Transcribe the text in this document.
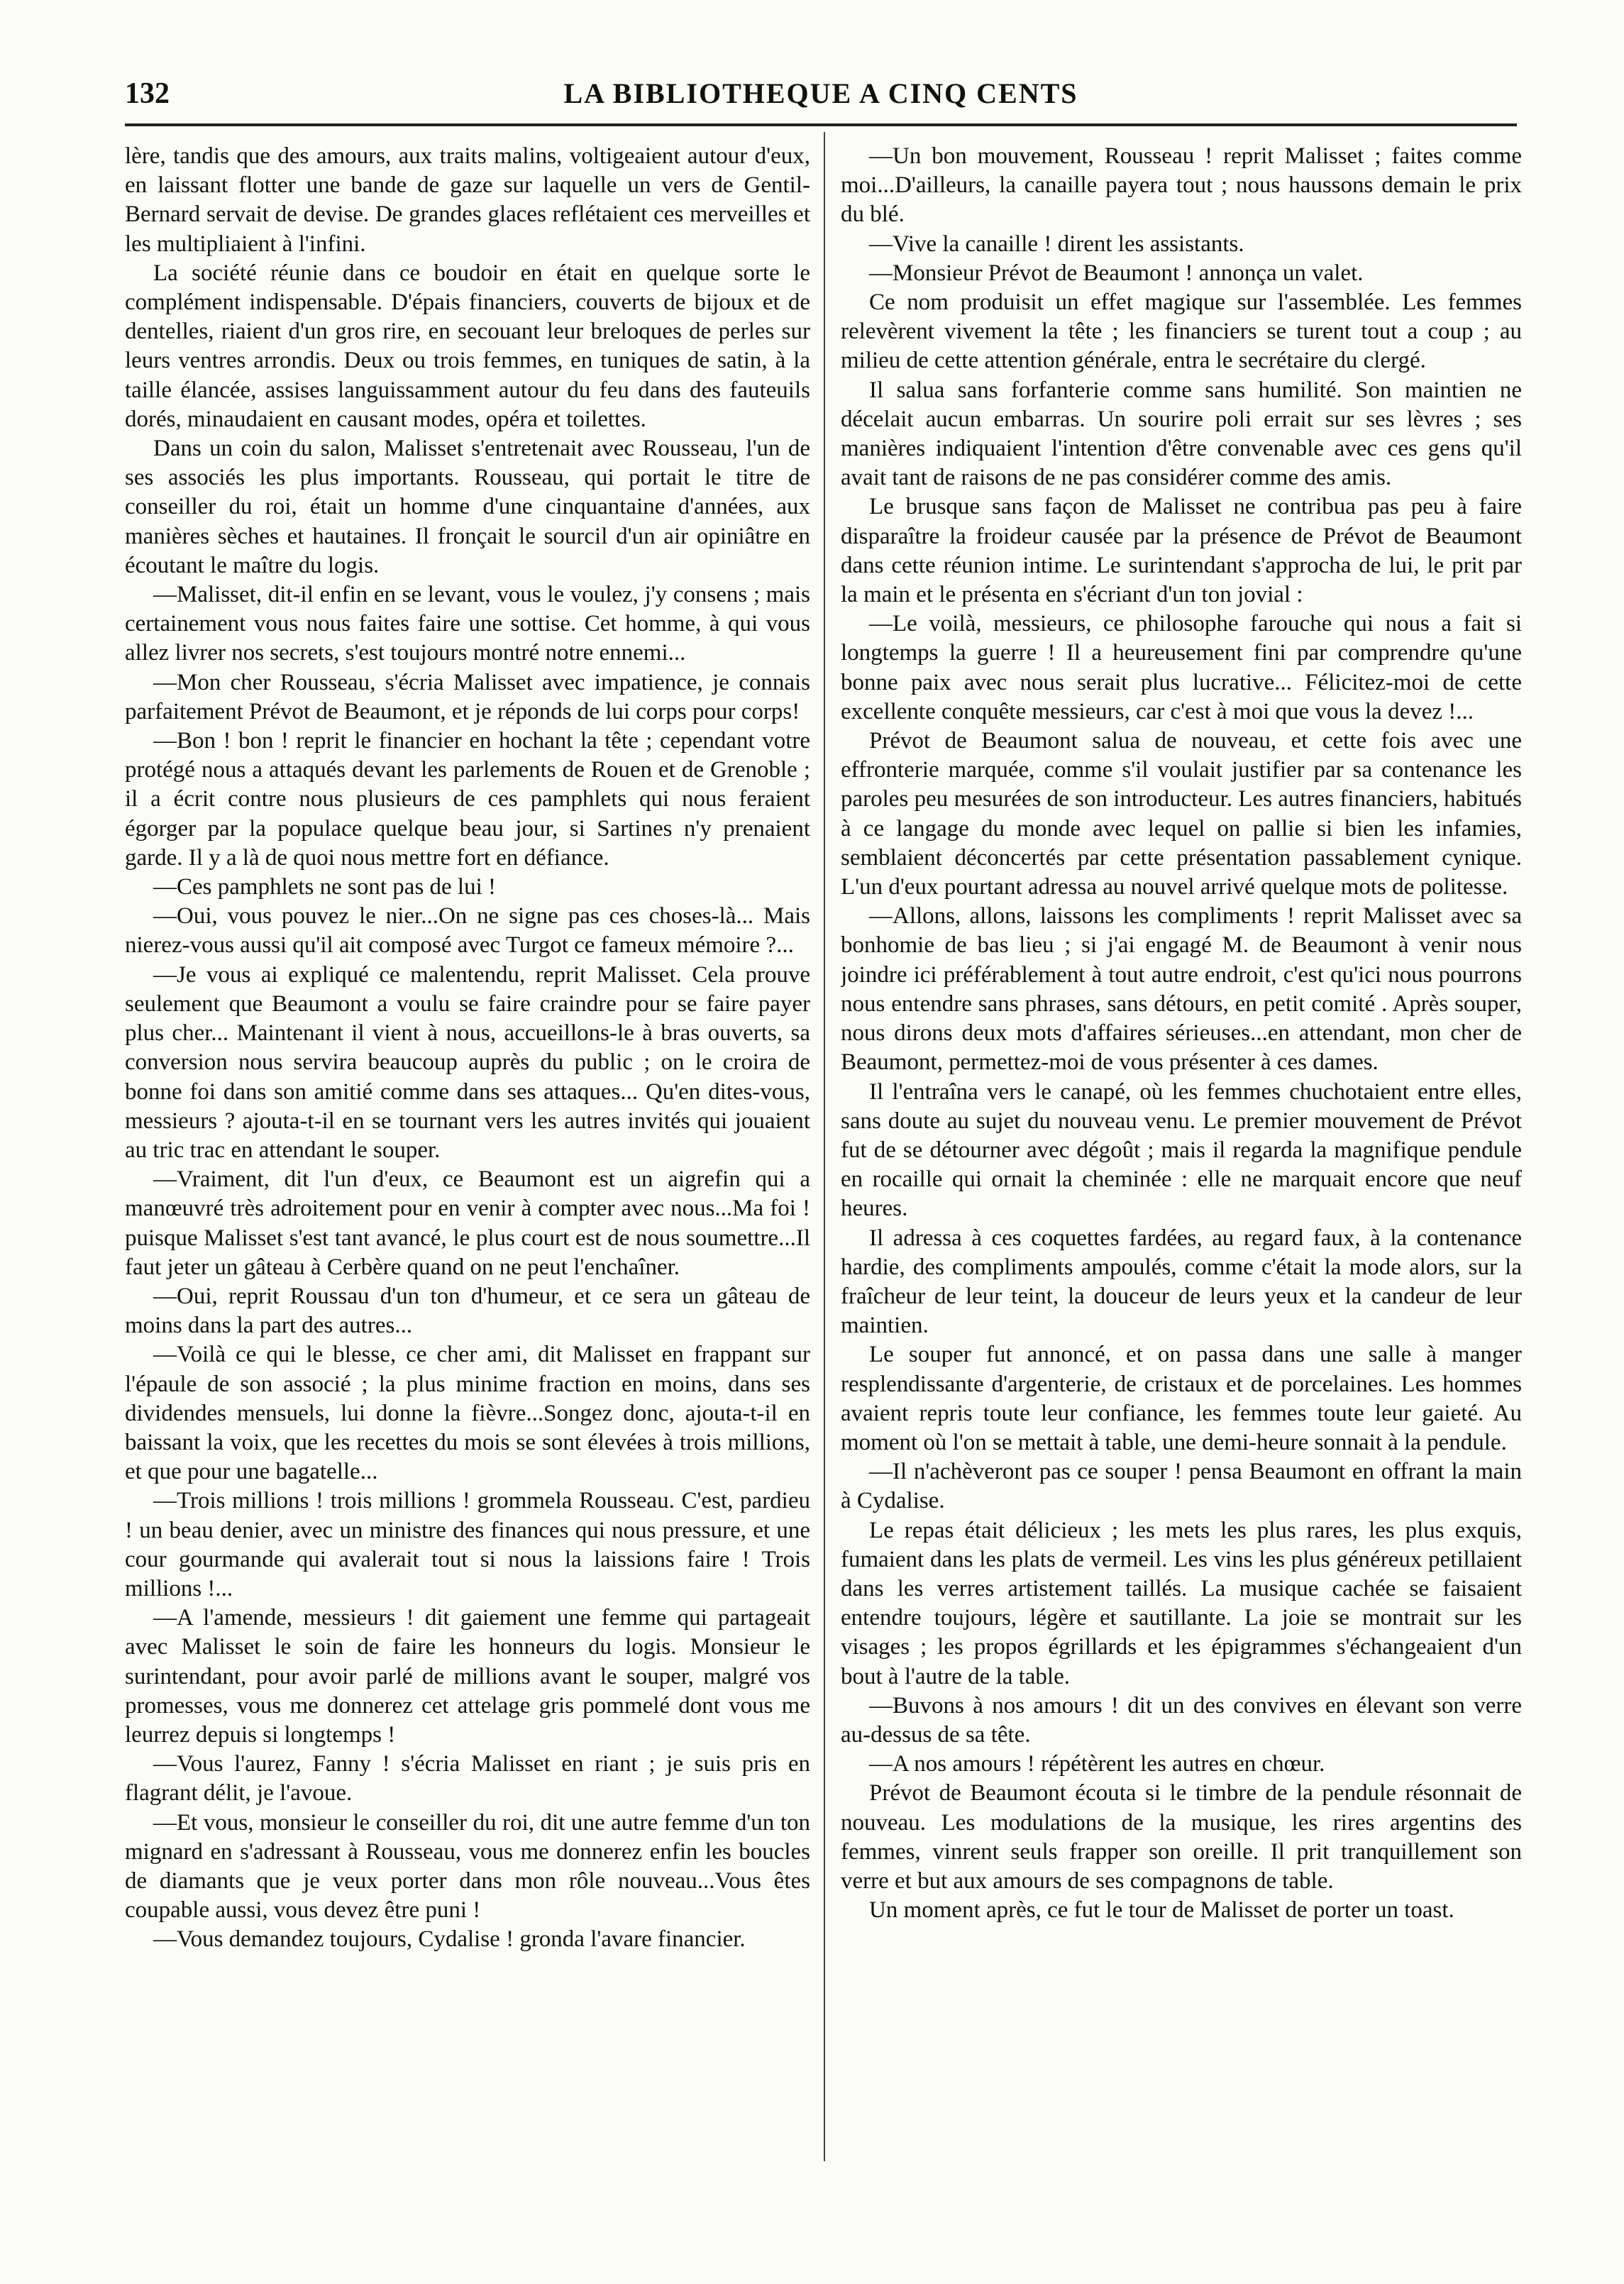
132	LA BIBLIOTHEQUE A CINQ CENTS

lère, tandis que des amours, aux traits malins, voltigeaient autour d'eux, en laissant flotter une bande de gaze sur laquelle un vers de Gentil-Bernard servait de devise. De grandes glaces reflétaient ces merveilles et les multipliaient à l'infini.

La société réunie dans ce boudoir en était en quelque sorte le complément indispensable. D'épais financiers, couverts de bijoux et de dentelles, riaient d'un gros rire, en secouant leur breloques de perles sur leurs ventres arrondis. Deux ou trois femmes, en tuniques de satin, à la taille élancée, assises languissamment autour du feu dans des fauteuils dorés, minaudaient en causant modes, opéra et toilettes.

Dans un coin du salon, Malisset s'entretenait avec Rousseau, l'un de ses associés les plus importants. Rousseau, qui portait le titre de conseiller du roi, était un homme d'une cinquantaine d'années, aux manières sèches et hautaines. Il fronçait le sourcil d'un air opiniâtre en écoutant le maître du logis.

—Malisset, dit-il enfin en se levant, vous le voulez, j'y consens ; mais certainement vous nous faites faire une sottise. Cet homme, à qui vous allez livrer nos secrets, s'est toujours montré notre ennemi...

—Mon cher Rousseau, s'écria Malisset avec impatience, je connais parfaitement Prévot de Beaumont, et je réponds de lui corps pour corps!

—Bon ! bon ! reprit le financier en hochant la tête ; cependant votre protégé nous a attaqués devant les parlements de Rouen et de Grenoble ; il a écrit contre nous plusieurs de ces pamphlets qui nous feraient égorger par la populace quelque beau jour, si Sartines n'y prenaient garde. Il y a là de quoi nous mettre fort en défiance.

—Ces pamphlets ne sont pas de lui !

—Oui, vous pouvez le nier...On ne signe pas ces choses-là... Mais nierez-vous aussi qu'il ait composé avec Turgot ce fameux mémoire ?...

—Je vous ai expliqué ce malentendu, reprit Malisset. Cela prouve seulement que Beaumont a voulu se faire craindre pour se faire payer plus cher... Maintenant il vient à nous, accueillons-le à bras ouverts, sa conversion nous servira beaucoup auprès du public ; on le croira de bonne foi dans son amitié comme dans ses attaques... Qu'en dites-vous, messieurs ? ajouta-t-il en se tournant vers les autres invités qui jouaient au tric trac en attendant le souper.

—Vraiment, dit l'un d'eux, ce Beaumont est un aigrefin qui a manœuvré très adroitement pour en venir à compter avec nous...Ma foi ! puisque Malisset s'est tant avancé, le plus court est de nous soumettre...Il faut jeter un gâteau à Cerbère quand on ne peut l'enchaîner.

—Oui, reprit Roussau d'un ton d'humeur, et ce sera un gâteau de moins dans la part des autres...

—Voilà ce qui le blesse, ce cher ami, dit Malisset en frappant sur l'épaule de son associé ; la plus minime fraction en moins, dans ses dividendes mensuels, lui donne la fièvre...Songez donc, ajouta-t-il en baissant la voix, que les recettes du mois se sont élevées à trois millions, et que pour une bagatelle...

—Trois millions ! trois millions ! grommela Rousseau. C'est, pardieu ! un beau denier, avec un ministre des finances qui nous pressure, et une cour gourmande qui avalerait tout si nous la laissions faire ! Trois millions !...

—A l'amende, messieurs ! dit gaiement une femme qui partageait avec Malisset le soin de faire les honneurs du logis. Monsieur le surintendant, pour avoir parlé de millions avant le souper, malgré vos promesses, vous me donnerez cet attelage gris pommelé dont vous me leurrez depuis si longtemps !

—Vous l'aurez, Fanny ! s'écria Malisset en riant ; je suis pris en flagrant délit, je l'avoue.

—Et vous, monsieur le conseiller du roi, dit une autre femme d'un ton mignard en s'adressant à Rousseau, vous me donnerez enfin les boucles de diamants que je veux porter dans mon rôle nouveau...Vous êtes coupable aussi, vous devez être puni !

—Vous demandez toujours, Cydalise ! gronda l'avare financier.

—Un bon mouvement, Rousseau ! reprit Malisset ; faites comme moi...D'ailleurs, la canaille payera tout ; nous haussons demain le prix du blé.

—Vive la canaille ! dirent les assistants.

—Monsieur Prévot de Beaumont ! annonça un valet.

Ce nom produisit un effet magique sur l'assemblée. Les femmes relevèrent vivement la tête ; les financiers se turent tout a coup ; au milieu de cette attention générale, entra le secrétaire du clergé.

Il salua sans forfanterie comme sans humilité. Son maintien ne décelait aucun embarras. Un sourire poli errait sur ses lèvres ; ses manières indiquaient l'intention d'être convenable avec ces gens qu'il avait tant de raisons de ne pas considérer comme des amis.

Le brusque sans façon de Malisset ne contribua pas peu à faire disparaître la froideur causée par la présence de Prévot de Beaumont dans cette réunion intime. Le surintendant s'approcha de lui, le prit par la main et le présenta en s'écriant d'un ton jovial :

—Le voilà, messieurs, ce philosophe farouche qui nous a fait si longtemps la guerre ! Il a heureusement fini par comprendre qu'une bonne paix avec nous serait plus lucrative... Félicitez-moi de cette excellente conquête messieurs, car c'est à moi que vous la devez !...

Prévot de Beaumont salua de nouveau, et cette fois avec une effronterie marquée, comme s'il voulait justifier par sa contenance les paroles peu mesurées de son introducteur. Les autres financiers, habitués à ce langage du monde avec lequel on pallie si bien les infamies, semblaient déconcertés par cette présentation passablement cynique. L'un d'eux pourtant adressa au nouvel arrivé quelque mots de politesse.

—Allons, allons, laissons les compliments ! reprit Malisset avec sa bonhomie de bas lieu ; si j'ai engagé M. de Beaumont à venir nous joindre ici préférablement à tout autre endroit, c'est qu'ici nous pourrons nous entendre sans phrases, sans détours, en petit comité . Après souper, nous dirons deux mots d'affaires sérieuses...en attendant, mon cher de Beaumont, permettez-moi de vous présenter à ces dames.

Il l'entraîna vers le canapé, où les femmes chuchotaient entre elles, sans doute au sujet du nouveau venu. Le premier mouvement de Prévot fut de se détourner avec dégoût ; mais il regarda la magnifique pendule en rocaille qui ornait la cheminée : elle ne marquait encore que neuf heures.

Il adressa à ces coquettes fardées, au regard faux, à la contenance hardie, des compliments ampoulés, comme c'était la mode alors, sur la fraîcheur de leur teint, la douceur de leurs yeux et la candeur de leur maintien.

Le souper fut annoncé, et on passa dans une salle à manger resplendissante d'argenterie, de cristaux et de porcelaines. Les hommes avaient repris toute leur confiance, les femmes toute leur gaieté. Au moment où l'on se mettait à table, une demi-heure sonnait à la pendule.

—Il n'achèveront pas ce souper ! pensa Beaumont en offrant la main à Cydalise.

Le repas était délicieux ; les mets les plus rares, les plus exquis, fumaient dans les plats de vermeil. Les vins les plus généreux petillaient dans les verres artistement taillés. La musique cachée se faisaient entendre toujours, légère et sautillante. La joie se montrait sur les visages ; les propos égrillards et les épigrammes s'échangeaient d'un bout à l'autre de la table.

—Buvons à nos amours ! dit un des convives en élevant son verre au-dessus de sa tête.

—A nos amours ! répétèrent les autres en chœur.

Prévot de Beaumont écouta si le timbre de la pendule résonnait de nouveau. Les modulations de la musique, les rires argentins des femmes, vinrent seuls frapper son oreille. Il prit tranquillement son verre et but aux amours de ses compagnons de table.

Un moment après, ce fut le tour de Malisset de porter un toast.
